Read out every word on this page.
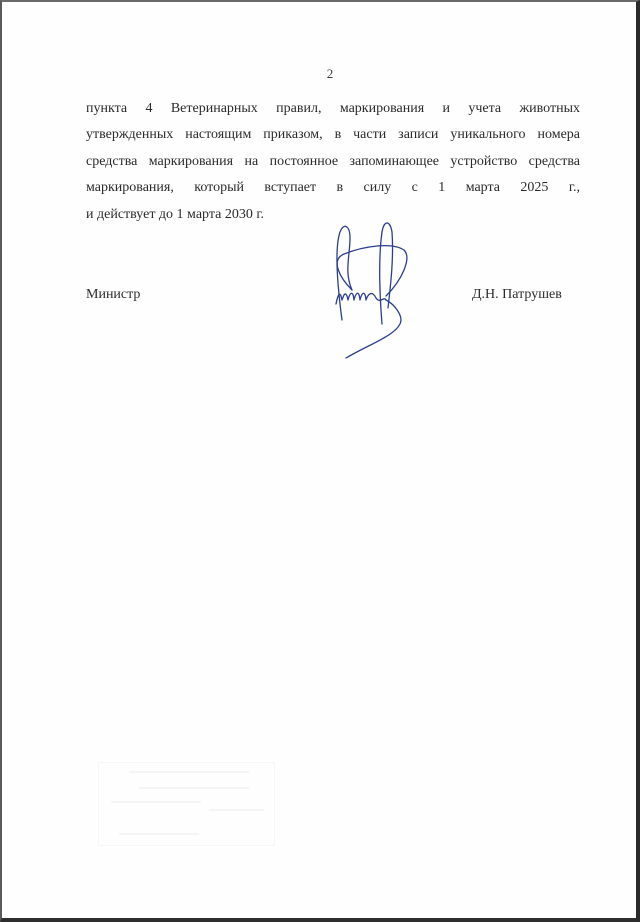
2
пункта 4 Ветеринарных правил, маркирования и учета животных
утвержденных настоящим приказом, в части записи уникального номера
средства маркирования на постоянное запоминающее устройство средства
маркирования, который вступает в силу с 1 марта 2025 г.,
и действует до 1 марта 2030 г.
Министр	Д.Н. Патрушев
